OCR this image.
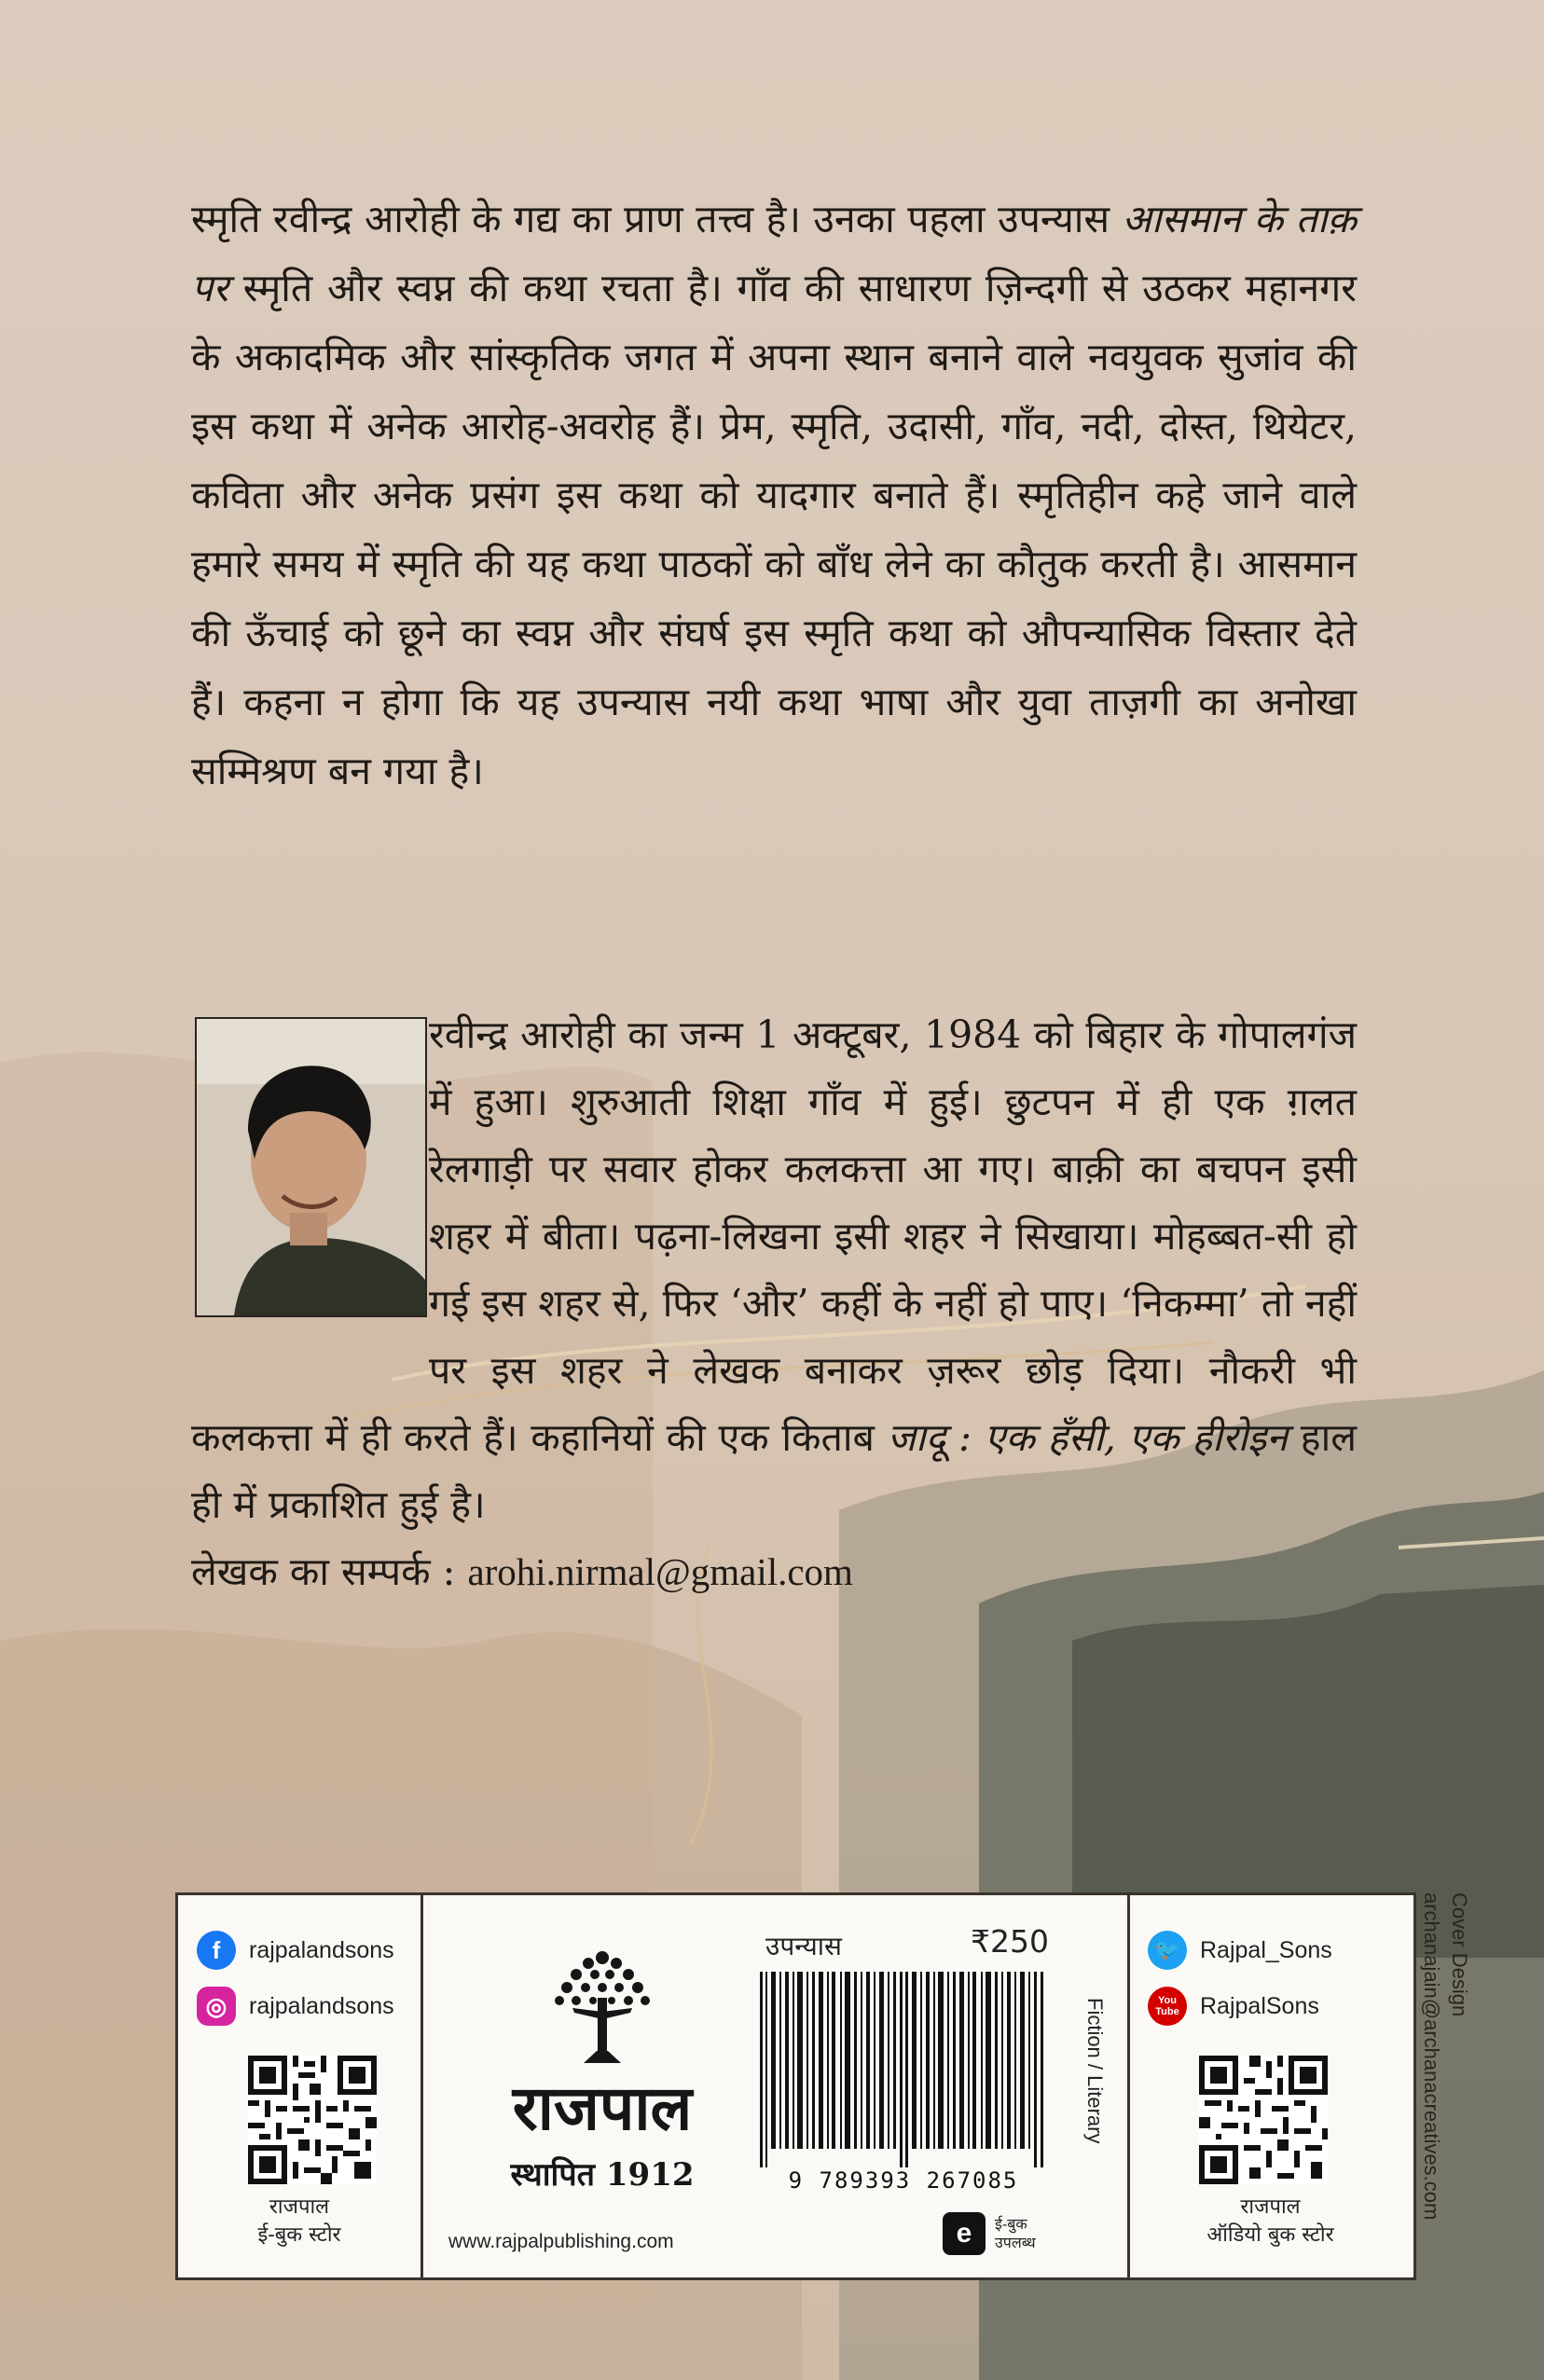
स्मृति रवीन्द्र आरोही के गद्य का प्राण तत्त्व है। उनका पहला उपन्यास आसमान के ताक़ पर स्मृति और स्वप्न की कथा रचता है। गाँव की साधारण ज़िन्दगी से उठकर महानगर के अकादमिक और सांस्कृतिक जगत में अपना स्थान बनाने वाले नवयुवक सुजांव की इस कथा में अनेक आरोह-अवरोह हैं। प्रेम, स्मृति, उदासी, गाँव, नदी, दोस्त, थियेटर, कविता और अनेक प्रसंग इस कथा को यादगार बनाते हैं। स्मृतिहीन कहे जाने वाले हमारे समय में स्मृति की यह कथा पाठकों को बाँध लेने का कौतुक करती है। आसमान की ऊँचाई को छूने का स्वप्न और संघर्ष इस स्मृति कथा को औपन्यासिक विस्तार देते हैं। कहना न होगा कि यह उपन्यास नयी कथा भाषा और युवा ताज़गी का अनोखा सम्मिश्रण बन गया है।

रवीन्द्र आरोही का जन्म 1 अक्टूबर, 1984 को बिहार के गोपालगंज में हुआ। शुरुआती शिक्षा गाँव में हुई। छुटपन में ही एक ग़लत रेलगाड़ी पर सवार होकर कलकत्ता आ गए। बाक़ी का बचपन इसी शहर में बीता। पढ़ना-लिखना इसी शहर ने सिखाया। मोहब्बत-सी हो गई इस शहर से, फिर ‘और’ कहीं के नहीं हो पाए। ‘निकम्मा’ तो नहीं पर इस शहर ने लेखक बनाकर ज़रूर छोड़ दिया। नौकरी भी कलकत्ता में ही करते हैं। कहानियों की एक किताब जादू : एक हँसी, एक हीरोइन हाल ही में प्रकाशित हुई है।
लेखक का सम्पर्क : arohi.nirmal@gmail.com

f	rajpalandsons
◎ rajpalandsons
राजपाल
ई-बुक स्टोर
राजपाल
स्थापित 1912
www.rajpalpublishing.com
उपन्यास	₹250
9 789393 267085
e	ई-बुक
उपलब्ध
Fiction / Literary
🐦 Rajpal_Sons
You Tube RajpalSons
राजपाल
ऑडियो बुक स्टोर
Cover Design
archanajain@archanacreatives.com
